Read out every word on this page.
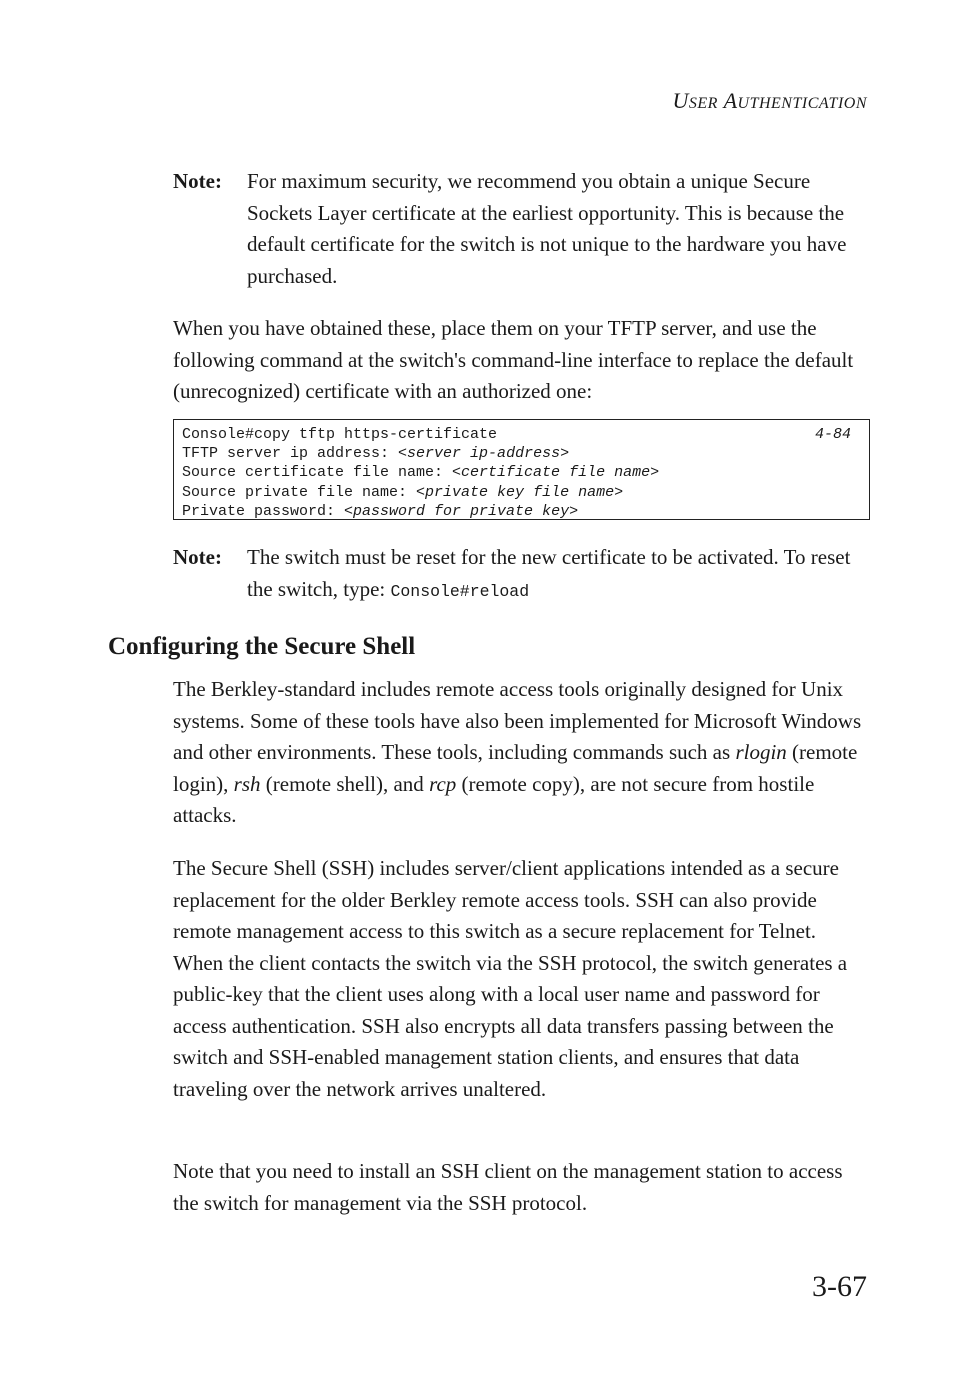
USER AUTHENTICATION
Note: For maximum security, we recommend you obtain a unique Secure Sockets Layer certificate at the earliest opportunity. This is because the default certificate for the switch is not unique to the hardware you have purchased.

When you have obtained these, place them on your TFTP server, and use the following command at the switch's command-line interface to replace the default (unrecognized) certificate with an authorized one:

Console#copy tftp https-certificate	4-84
TFTP server ip address: <server ip-address>
Source certificate file name: <certificate file name>
Source private file name: <private key file name>
Private password: <password for private key>
Note: The switch must be reset for the new certificate to be activated. To reset the switch, type: Console#reload
Configuring the Secure Shell

The Berkley-standard includes remote access tools originally designed for Unix systems. Some of these tools have also been implemented for Microsoft Windows and other environments. These tools, including commands such as rlogin (remote login), rsh (remote shell), and rcp (remote copy), are not secure from hostile attacks.

The Secure Shell (SSH) includes server/client applications intended as a secure replacement for the older Berkley remote access tools. SSH can also provide remote management access to this switch as a secure replacement for Telnet. When the client contacts the switch via the SSH protocol, the switch generates a public-key that the client uses along with a local user name and password for access authentication. SSH also encrypts all data transfers passing between the switch and SSH-enabled management station clients, and ensures that data traveling over the network arrives unaltered.

Note that you need to install an SSH client on the management station to access the switch for management via the SSH protocol.

3-67
